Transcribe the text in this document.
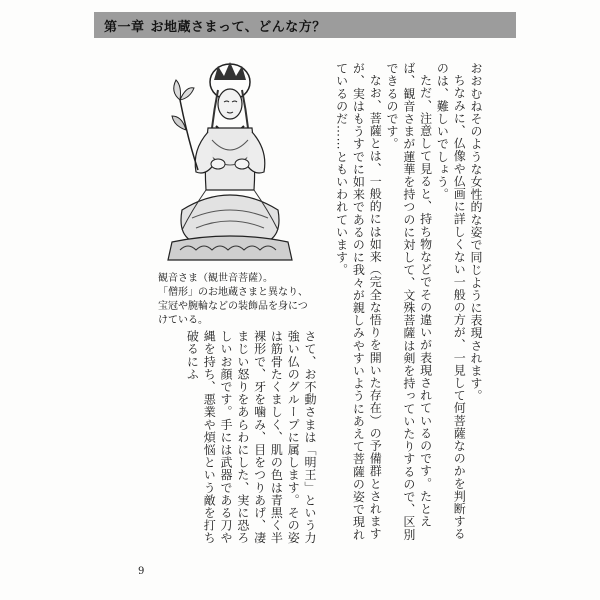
第一章 お地蔵さまって、どんな方？
観音さま（観世音菩薩）。
「僧形」のお地蔵さまと異なり、宝冠や腕輪などの装飾品を身につけている。	おおむねそのような女性的な姿で同じように表現されます。

ちなみに、仏像や仏画に詳しくない一般の方が、一見して何菩薩なのかを判断するのは、難しいでしょう。

ただ、注意して見ると、持ち物などでその違いが表現されているのです。たとえば、観音さまが蓮華を持つのに対して、文殊菩薩は剣を持っていたりするので、区別できるのです。

なお、菩薩とは、一般的には如来（完全な悟りを開いた存在）の予備群とされますが、実はもうすでに如来であるのに我々が親しみやすいようにあえて菩薩の姿で現れているのだ……ともいわれています。

さて、お不動さまは「明王」という力強い仏のグループに属します。その姿は筋骨たくましく、肌の色は青黒く半裸形で、牙を噛み、目をつりあげ、凄まじい怒りをあらわにした、実に恐ろしいお顔です。手には武器である刀や縄を持ち、悪業や煩悩という敵を打ち破るにふ

9
